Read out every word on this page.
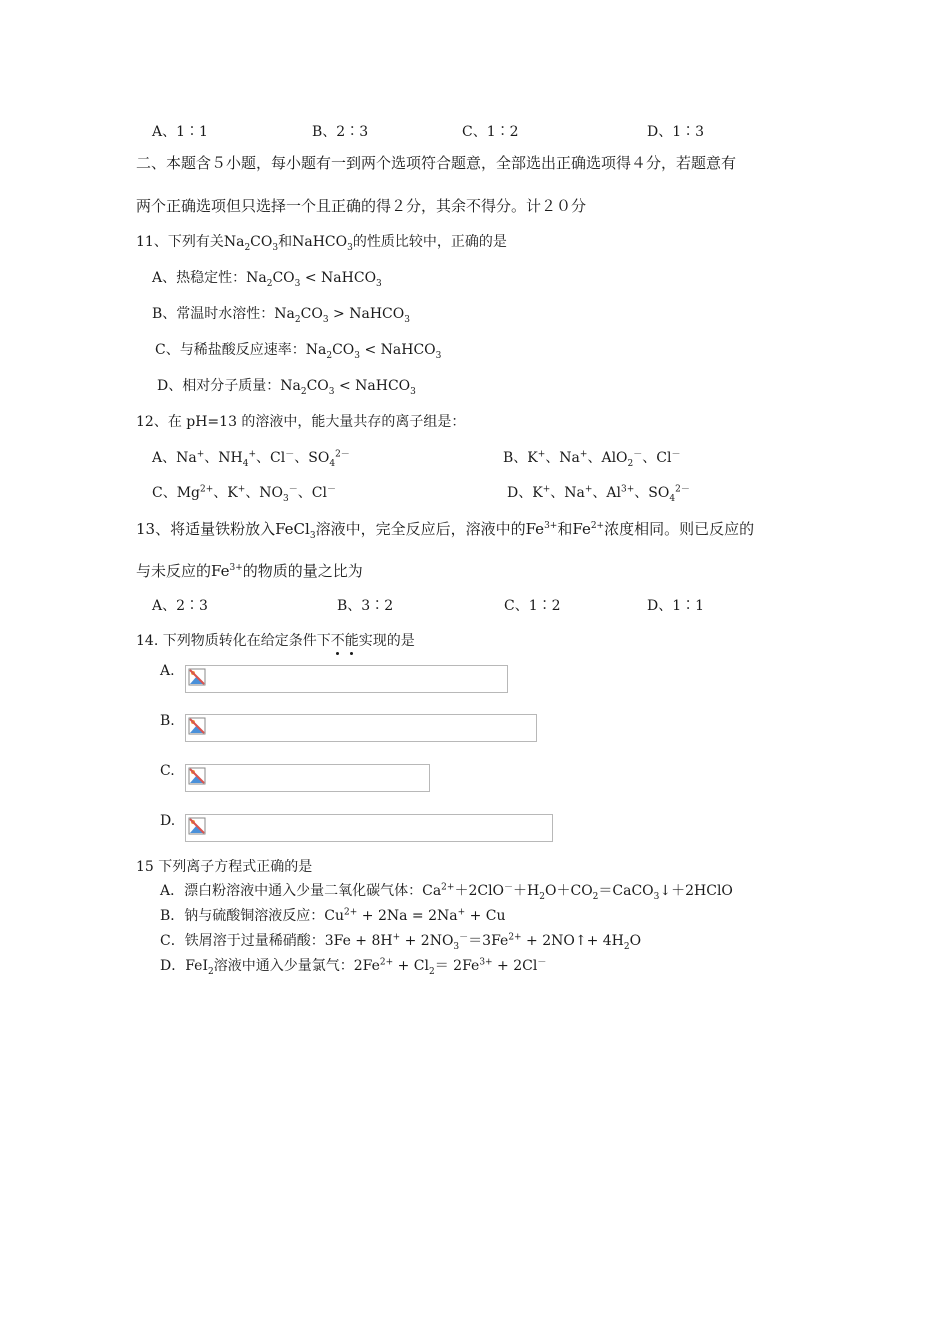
A、1∶1	B、2∶3	C、1∶2	D、1∶3
二、本题含５小题，每小题有一到两个选项符合题意，全部选出正确选项得４分，若题意有
两个正确选项但只选择一个且正确的得２分，其余不得分。计２０分
11、下列有关$Na_2CO_3$和NaHCO$_3$的性质比较中，正确的是
A、热稳定性：$Na_2CO_3$ < NaHCO$_3$
B、常温时水溶性：$Na_2CO_3$ > NaHCO$_3$
C、与稀盐酸反应速率：$Na_2CO_3$ < NaHCO$_3$
D、相对分子质量：$Na_2CO_3$ < NaHCO$_3$
12、在 pH=13 的溶液中，能大量共存的离子组是：
A、Na+、$NH_4^+$、Cl－、$SO_4^{2-}$	B、K+、Na+、AlO$_2$－、Cl－
C、$Mg^{2+}$、K+、$NO_3^-$、Cl－	D、K+、Na+、$Al^{3+}$、$SO_4^{2-}$
13、将适量铁粉放入FeCl$_3$溶液中，完全反应后，溶液中的$Fe^{3+}$和$Fe^{2+}$浓度相同。则已反应的
与未反应的$Fe^{3+}$的物质的量之比为
A、2∶3	B、3∶2	C、1∶2	D、1∶1
14. 下列物质转化在给定条件下不能实现的是
A.
B.
C.
D.
15 下列离子方程式正确的是
A．漂白粉溶液中通入少量二氧化碳气体：$Ca^{2+}+2ClO^-+H_2O+CO_2=CaCO_3↓+2HClO$
B．钠与硫酸铜溶液反应：$Cu^{2+} + 2Na = 2Na^+ + Cu$
C．铁屑溶于过量稀硝酸：$3Fe + 8H^+ + 2NO_3^-=3Fe^{2+}$ + 2NO↑+ $4H_2O$
D．FeI$_2$溶液中通入少量氯气：$2Fe^{2+} + Cl_2= 2Fe^{3+} + 2Cl^-$
